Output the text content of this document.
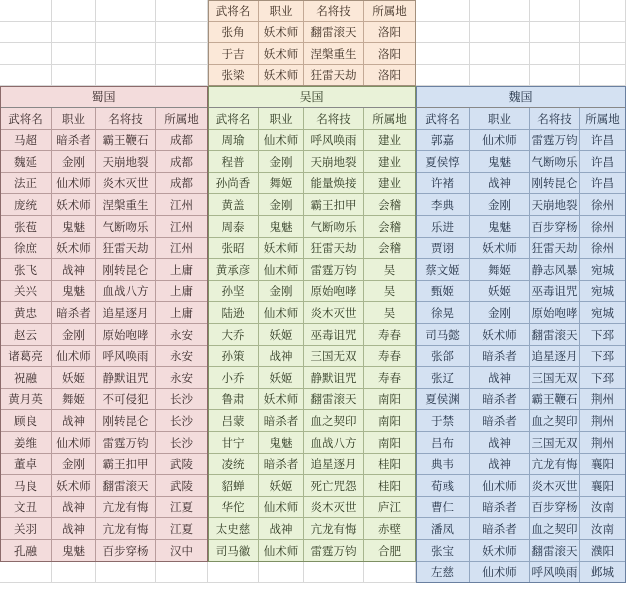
武将名	职业	名将技	所属地
张角	妖术师	翻雷滚天	洛阳
于吉	妖术师	涅槃重生	洛阳
张梁	妖术师	狂雷天劫	洛阳
蜀国
武将名	职业	名将技	所属地
马超	暗杀者	霸王鞭石	成都
魏延	金刚	天崩地裂	成都
法正	仙术师	炎木灭世	成都
庞统	妖术师	涅槃重生	江州
张苞	鬼魅	气断吻乐	江州
徐庶	妖术师	狂雷天劫	江州
张飞	战神	刚转昆仑	上庸
关兴	鬼魅	血战八方	上庸
黄忠	暗杀者	追星逐月	上庸
赵云	金刚	原始咆哮	永安
诸葛亮	仙术师	呼风唤雨	永安
祝融	妖姬	静默诅咒	永安
黄月英	舞姬	不可侵犯	长沙
顾良	战神	刚转昆仑	长沙
姜维	仙术师	雷霆万钧	长沙
董卓	金刚	霸王扣甲	武陵
马良	妖术师	翻雷滚天	武陵
文丑	战神	亢龙有悔	江夏
关羽	战神	亢龙有悔	江夏
孔融	鬼魅	百步穿杨	汉中
吴国
武将名	职业	名将技	所属地
周瑜	仙术师	呼风唤雨	建业
程普	金刚	天崩地裂	建业
孙尚香	舞姬	能量焕接	建业
黄盖	金刚	霸王扣甲	会稽
周泰	鬼魅	气断吻乐	会稽
张昭	妖术师	狂雷天劫	会稽
黄承彦	仙术师	雷霆万钧	吴
孙坚	金刚	原始咆哮	吴
陆逊	仙术师	炎木灭世	吴
大乔	妖姬	巫毒诅咒	寿春
孙策	战神	三国无双	寿春
小乔	妖姬	静默诅咒	寿春
鲁肃	妖术师	翻雷滚天	南阳
吕蒙	暗杀者	血之契印	南阳
甘宁	鬼魅	血战八方	南阳
凌统	暗杀者	追星逐月	桂阳
貂蝉	妖姬	死亡咒怨	桂阳
华佗	仙术师	炎木灭世	庐江
太史慈	战神	亢龙有悔	赤壁
司马徽	仙术师	雷霆万钧	合肥
魏国
武将名	职业	名将技	所属地
郭嘉	仙术师	雷霆万钧	许昌
夏侯惇	鬼魅	气断吻乐	许昌
许褚	战神	刚转昆仑	许昌
李典	金刚	天崩地裂	徐州
乐进	鬼魅	百步穿杨	徐州
贾诩	妖术师	狂雷天劫	徐州
蔡文姬	舞姬	静志风暴	宛城
甄姬	妖姬	巫毒诅咒	宛城
徐晃	金刚	原始咆哮	宛城
司马懿	妖术师	翻雷滚天	下邳
张郃	暗杀者	追星逐月	下邳
张辽	战神	三国无双	下邳
夏侯渊	暗杀者	霸王鞭石	荆州
于禁	暗杀者	血之契印	荆州
吕布	战神	三国无双	荆州
典韦	战神	亢龙有悔	襄阳
荀彧	仙术师	炎木灭世	襄阳
曹仁	暗杀者	百步穿杨	汝南
潘凤	暗杀者	血之契印	汝南
张宝	妖术师	翻雷滚天	濮阳
左慈	仙术师	呼风唤雨	邺城
